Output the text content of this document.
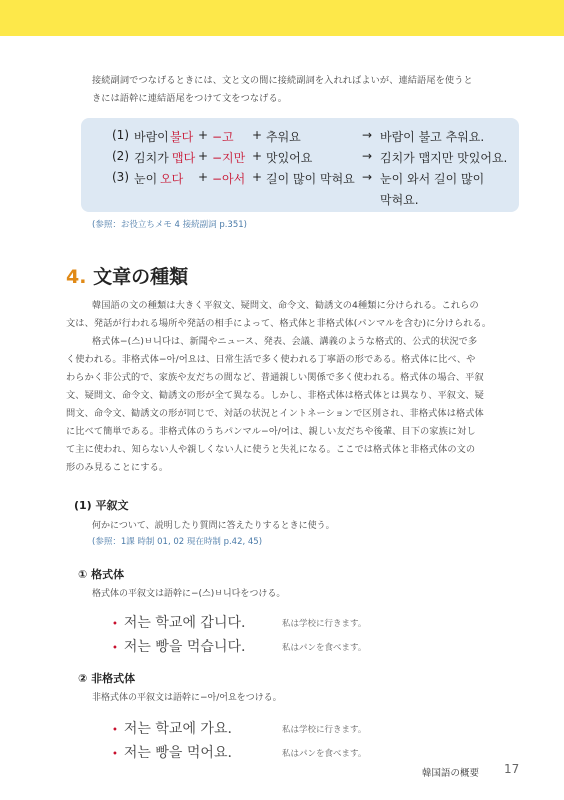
接続副詞でつなげるときには、文と文の間に接続副詞を入れればよいが、連結語尾を使うと
きには語幹に連結語尾をつけて文をつなげる。
(1) 바람이 불다 + −고 + 추워요	→ 바람이 불고 추워요.
(2) 김치가 맵다 + −지만 + 맛있어요	→ 김치가 맵지만 맛있어요.
(3) 눈이 오다 + −아서 + 길이 많이 막혀요 → 눈이 와서 길이 많이
막혀요.
(参照：お役立ちメモ 4 接続副詞 p.351)
4. 文章の種類
韓国語の文の種類は大きく平叙文、疑問文、命令文、勧誘文の4種類に分けられる。これらの
文は、発話が行われる場所や発話の相手によって、格式体と非格式体(パンマルを含む)に分けられる。
格式体−(스)ㅂ니다は、新聞やニュース、発表、会議、講義のような格式的、公式的状況で多
く使われる。非格式体−아/어요は、日常生活で多く使われる丁寧語の形である。格式体に比べ、や
わらかく非公式的で、家族や友だちの間など、普通親しい関係で多く使われる。格式体の場合、平叙
文、疑問文、命令文、勧誘文の形が全て異なる。しかし、非格式体は格式体とは異なり、平叙文、疑
問文、命令文、勧誘文の形が同じで、対話の状況とイントネーションで区別され、非格式体は格式体
に比べて簡単である。非格式体のうちパンマル−아/어は、親しい友だちや後輩、目下の家族に対し
て主に使われ、知らない人や親しくない人に使うと失礼になる。ここでは格式体と非格式体の文の
形のみ見ることにする。
(1) 平叙文
何かについて、説明したり質問に答えたりするときに使う。
(参照：1課 時制 01, 02 現在時制 p.42, 45)
① 格式体
格式体の平叙文は語幹に−(스)ㅂ니다をつける。
• 저는 학교에 갑니다.	私は学校に行きます。
• 저는 빵을 먹습니다.	私はパンを食べます。
② 非格式体
非格式体の平叙文は語幹に−아/어요をつける。
• 저는 학교에 가요.	私は学校に行きます。
• 저는 빵을 먹어요.	私はパンを食べます。
韓国語の概要 17
